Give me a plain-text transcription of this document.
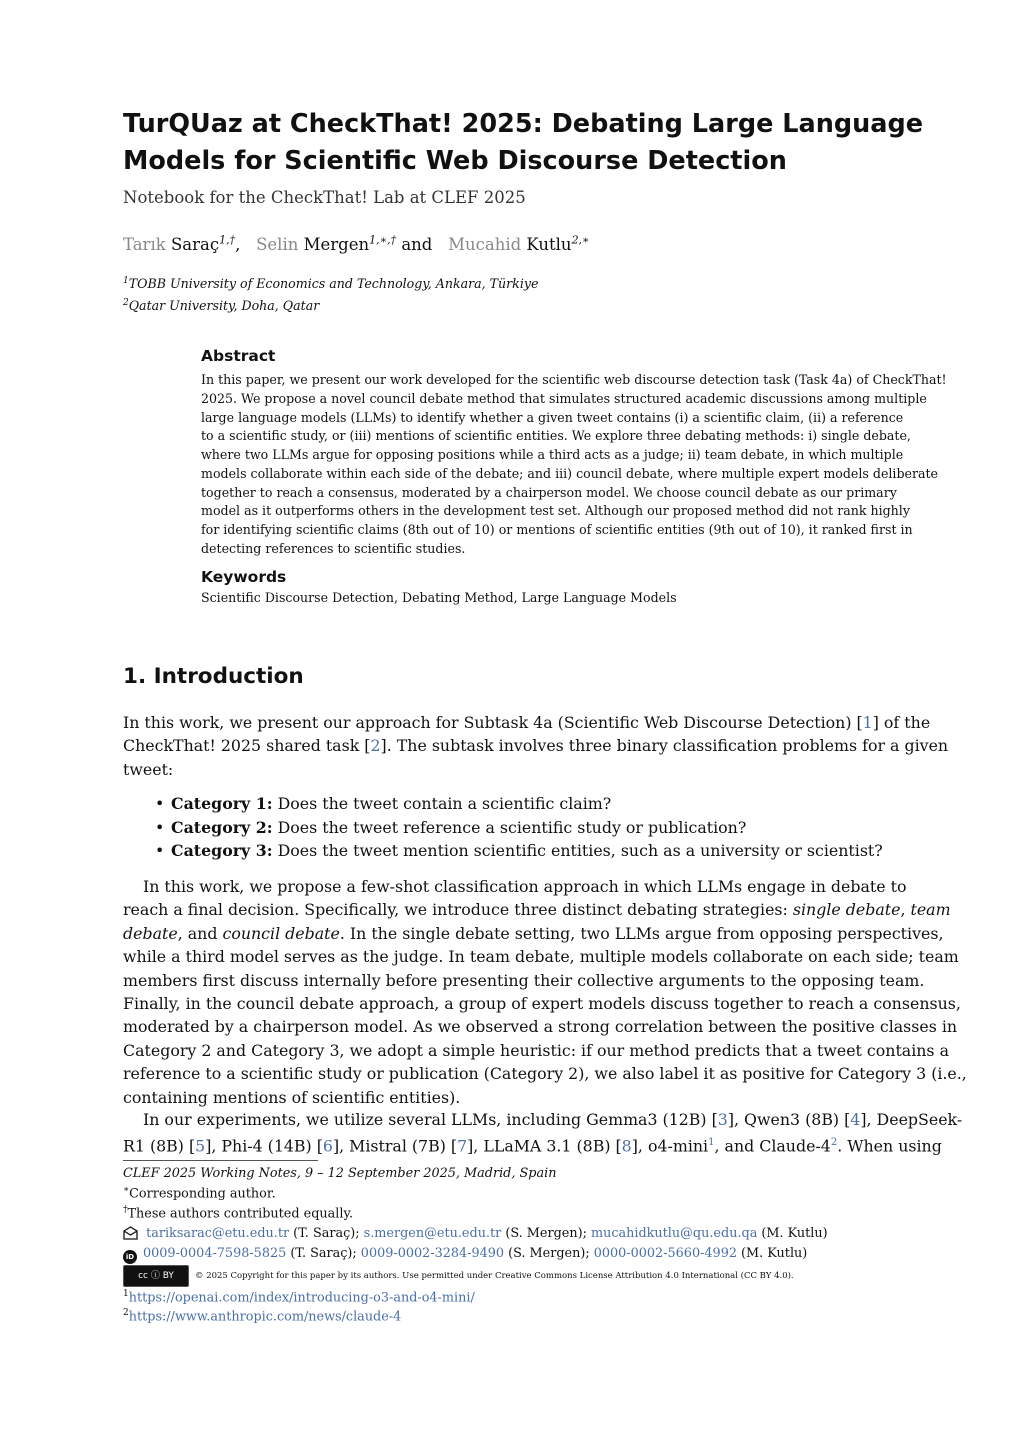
TurQUaz at CheckThat! 2025: Debating Large Language
Models for Scientific Web Discourse Detection
Notebook for the CheckThat! Lab at CLEF 2025
Tarık Saraç$^{1,\dagger}$,   Selin Mergen$^{1,∗,\dagger}$ and   Mucahid Kutlu$^{2,∗}$
$^1$TOBB University of Economics and Technology, Ankara, Türkiye
$^2$Qatar University, Doha, Qatar
Abstract
In this paper, we present our work developed for the scientific web discourse detection task (Task 4a) of CheckThat!
2025. We propose a novel council debate method that simulates structured academic discussions among multiple
large language models (LLMs) to identify whether a given tweet contains (i) a scientific claim, (ii) a reference
to a scientific study, or (iii) mentions of scientific entities. We explore three debating methods: i) single debate,
where two LLMs argue for opposing positions while a third acts as a judge; ii) team debate, in which multiple
models collaborate within each side of the debate; and iii) council debate, where multiple expert models deliberate
together to reach a consensus, moderated by a chairperson model. We choose council debate as our primary
model as it outperforms others in the development test set. Although our proposed method did not rank highly
for identifying scientific claims (8th out of 10) or mentions of scientific entities (9th out of 10), it ranked first in
detecting references to scientific studies.
Keywords
Scientific Discourse Detection, Debating Method, Large Language Models
1. Introduction
In this work, we present our approach for Subtask 4a (Scientific Web Discourse Detection) [1] of the
CheckThat! 2025 shared task [2]. The subtask involves three binary classification problems for a given
tweet:
• Category 1: Does the tweet contain a scientific claim?
• Category 2: Does the tweet reference a scientific study or publication?
• Category 3: Does the tweet mention scientific entities, such as a university or scientist?
In this work, we propose a few-shot classification approach in which LLMs engage in debate to
reach a final decision. Specifically, we introduce three distinct debating strategies: single debate, team
debate, and council debate. In the single debate setting, two LLMs argue from opposing perspectives,
while a third model serves as the judge. In team debate, multiple models collaborate on each side; team
members first discuss internally before presenting their collective arguments to the opposing team.
Finally, in the council debate approach, a group of expert models discuss together to reach a consensus,
moderated by a chairperson model. As we observed a strong correlation between the positive classes in
Category 2 and Category 3, we adopt a simple heuristic: if our method predicts that a tweet contains a
reference to a scientific study or publication (Category 2), we also label it as positive for Category 3 (i.e.,
containing mentions of scientific entities).
In our experiments, we utilize several LLMs, including Gemma3 (12B) [3], Qwen3 (8B) [4], DeepSeek-
R1 (8B) [5], Phi-4 (14B) [6], Mistral (7B) [7], LLaMA 3.1 (8B) [8], o4-mini$^1$, and Claude-4$^2$. When using
CLEF 2025 Working Notes, 9 – 12 September 2025, Madrid, Spain
∗Corresponding author.
†These authors contributed equally.
tariksarac@etu.edu.tr (T. Saraç); s.mergen@etu.edu.tr (S. Mergen); mucahidkutlu@qu.edu.qa (M. Kutlu)
iD 0009-0004-7598-5825 (T. Saraç); 0009-0002-3284-9490 (S. Mergen); 0000-0002-5660-4992 (M. Kutlu)
cc ⓘ BY © 2025 Copyright for this paper by its authors. Use permitted under Creative Commons License Attribution 4.0 International (CC BY 4.0).
$^1$https://openai.com/index/introducing-o3-and-o4-mini/
$^2$https://www.anthropic.com/news/claude-4
